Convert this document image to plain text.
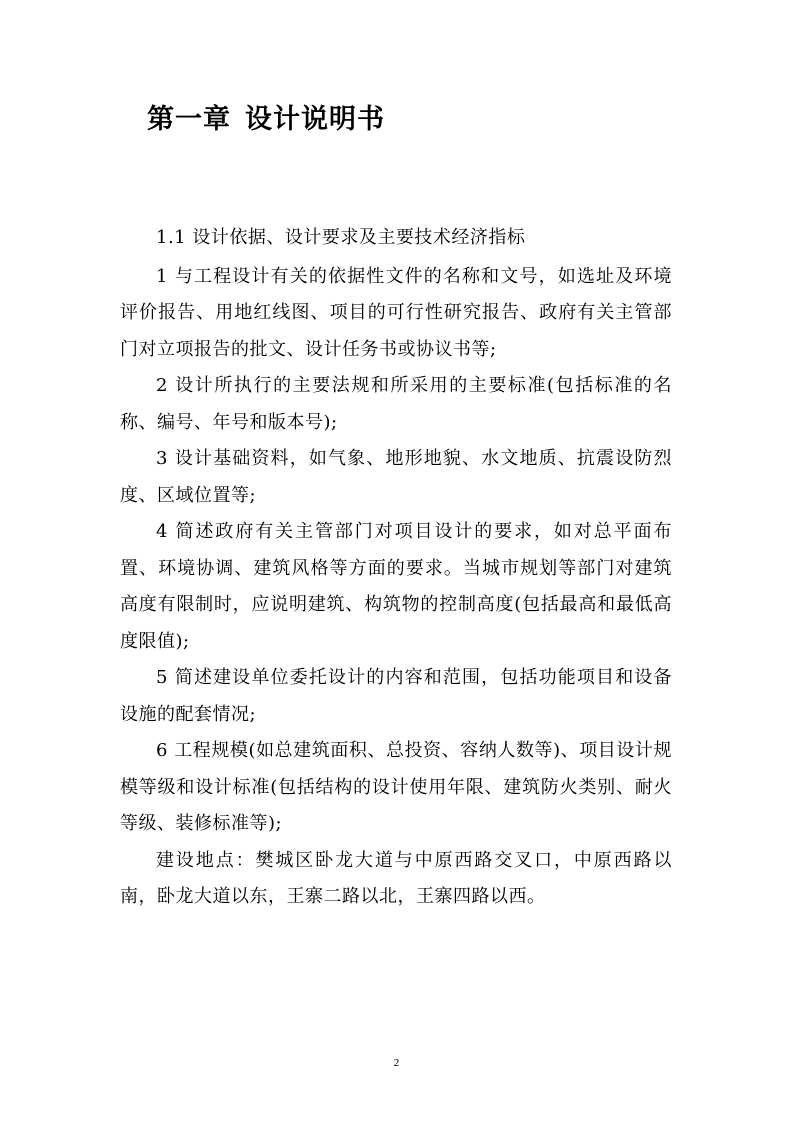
第一章 设计说明书

1.1 设计依据、设计要求及主要技术经济指标

1 与工程设计有关的依据性文件的名称和文号，如选址及环境评价报告、用地红线图、项目的可行性研究报告、政府有关主管部门对立项报告的批文、设计任务书或协议书等;

2 设计所执行的主要法规和所采用的主要标准(包括标准的名称、编号、年号和版本号);

3 设计基础资料，如气象、地形地貌、水文地质、抗震设防烈度、区域位置等;

4 简述政府有关主管部门对项目设计的要求，如对总平面布置、环境协调、建筑风格等方面的要求。当城市规划等部门对建筑高度有限制时，应说明建筑、构筑物的控制高度(包括最高和最低高度限值);

5 简述建设单位委托设计的内容和范围，包括功能项目和设备设施的配套情况;

6 工程规模(如总建筑面积、总投资、容纳人数等)、项目设计规模等级和设计标准(包括结构的设计使用年限、建筑防火类别、耐火等级、装修标准等);

建设地点：樊城区卧龙大道与中原西路交叉口，中原西路以南，卧龙大道以东，王寨二路以北，王寨四路以西。

2
